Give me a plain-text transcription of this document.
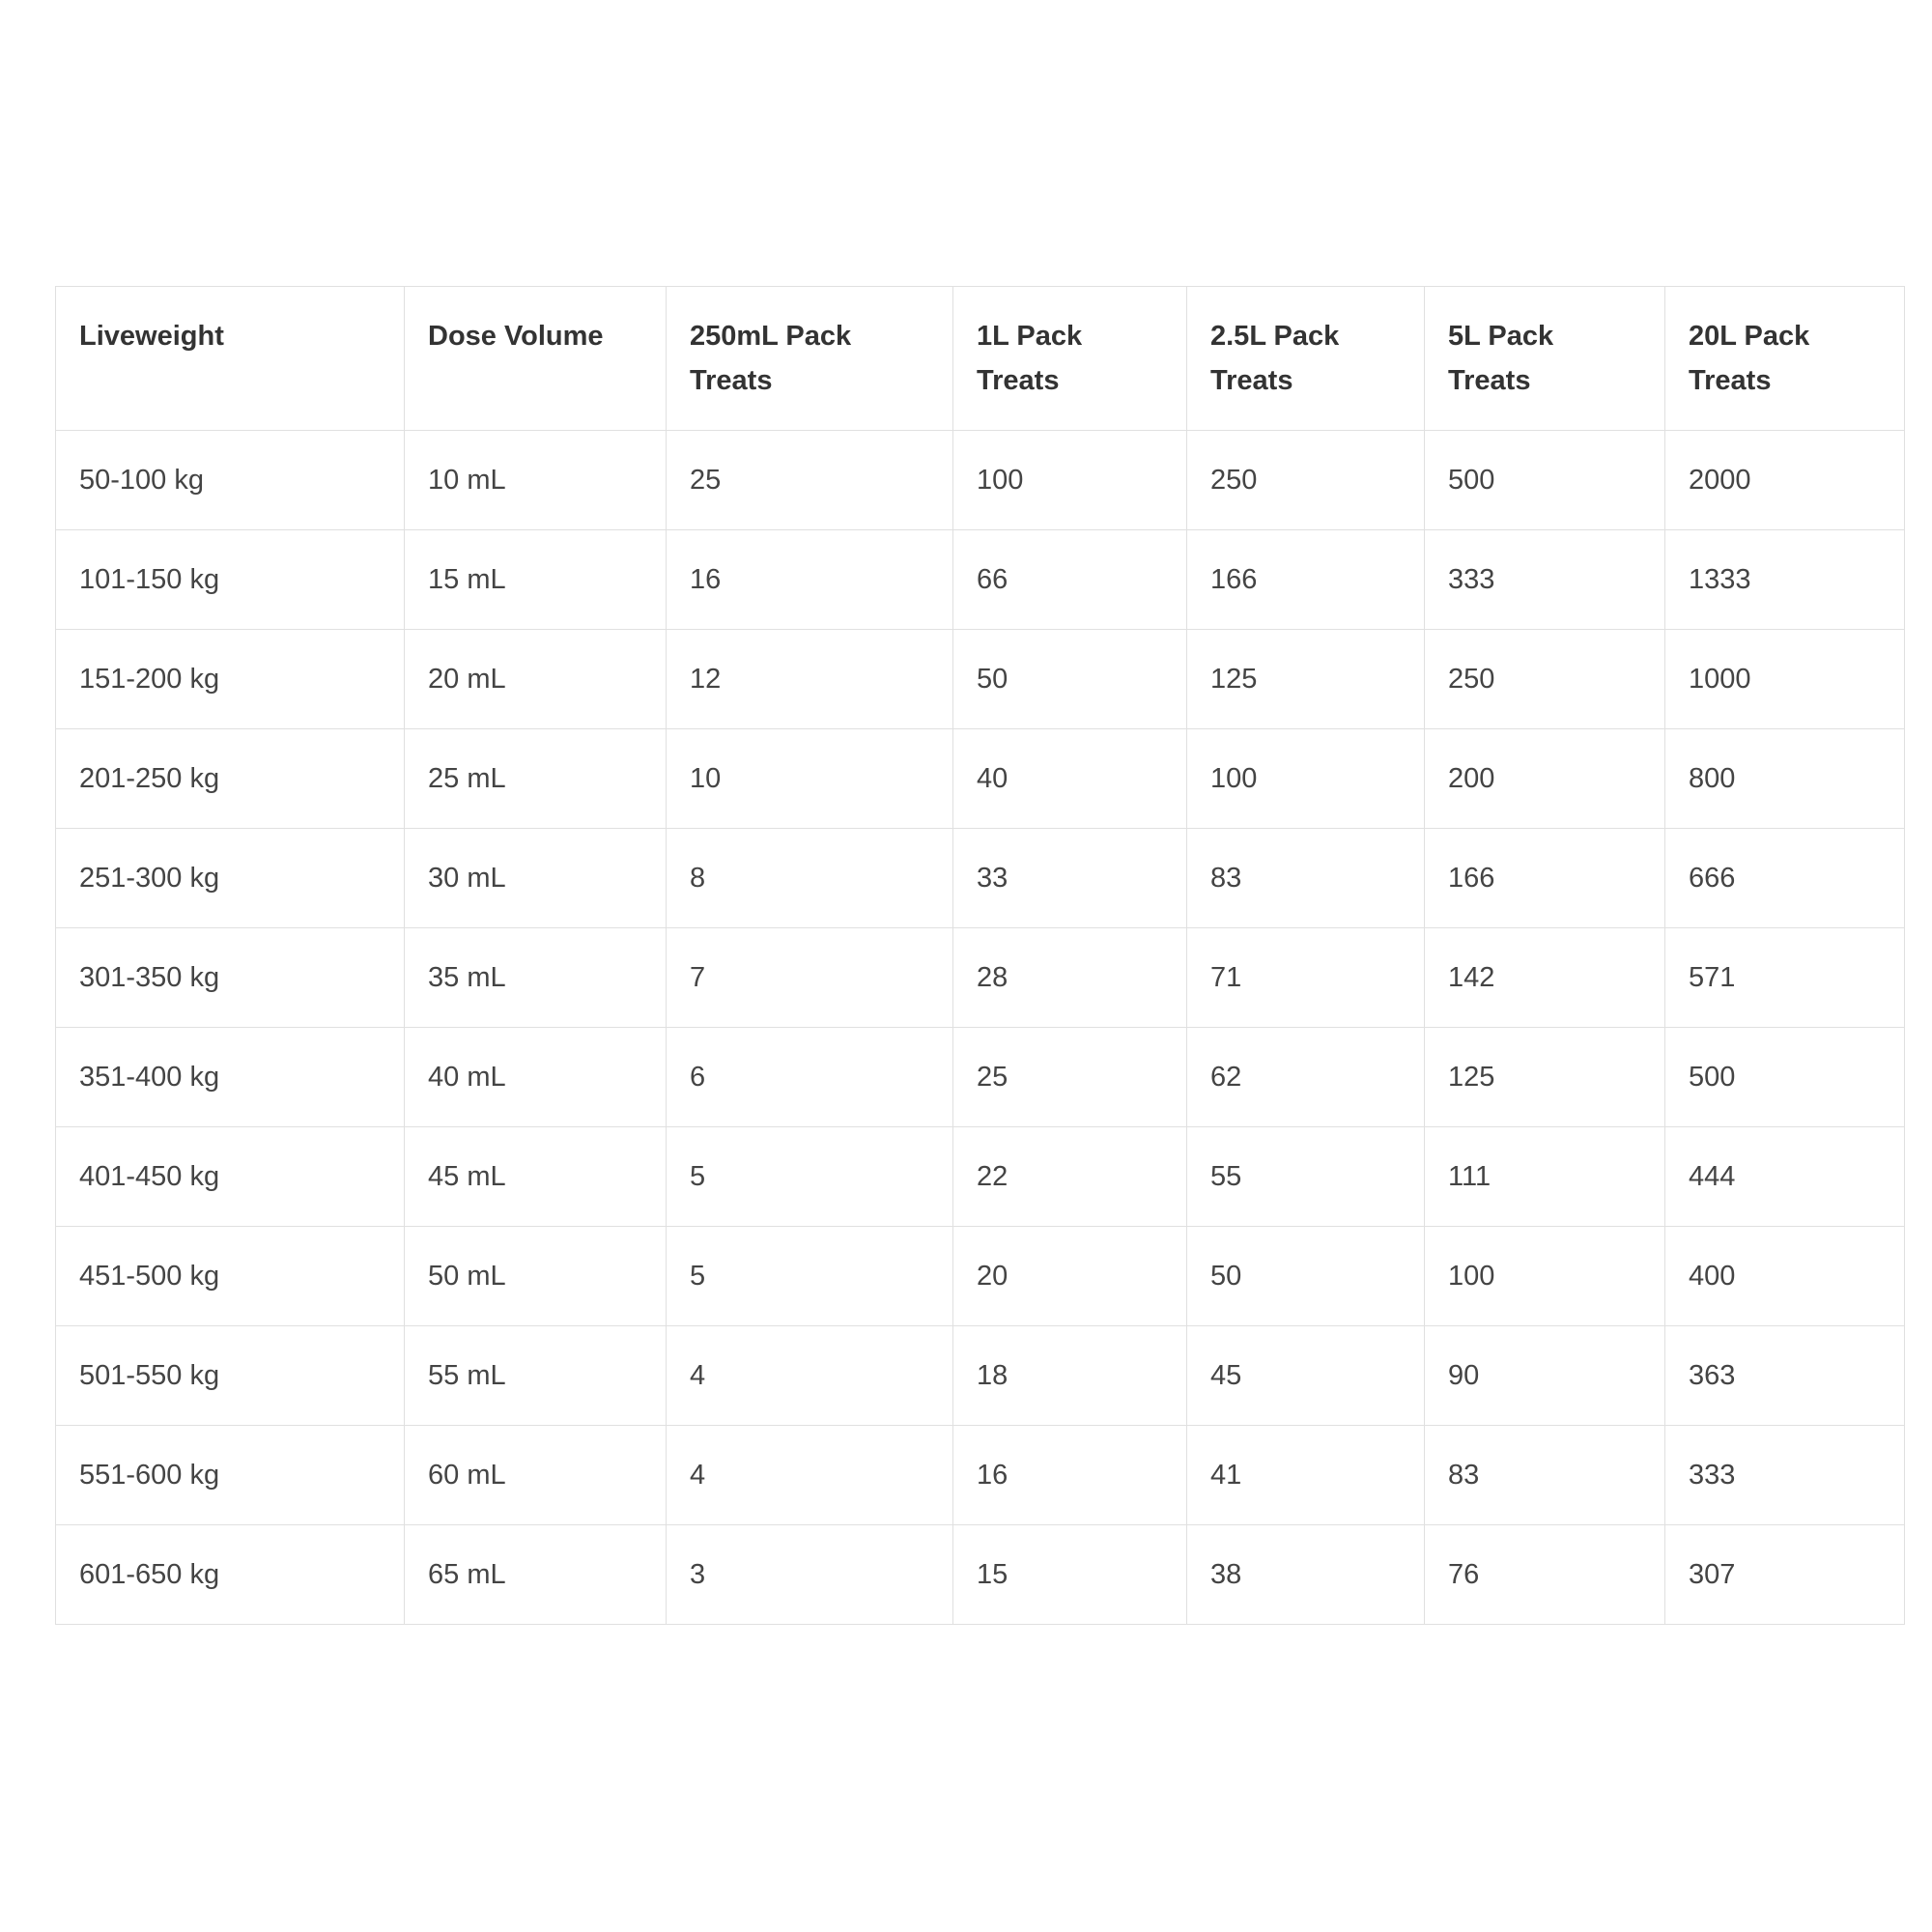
Liveweight	Dose Volume	250mL Pack Treats	1L Pack Treats	2.5L Pack Treats	5L Pack Treats	20L Pack Treats
50-100 kg	10 mL	25	100	250	500	2000
101-150 kg	15 mL	16	66	166	333	1333
151-200 kg	20 mL	12	50	125	250	1000
201-250 kg	25 mL	10	40	100	200	800
251-300 kg	30 mL	8	33	83	166	666
301-350 kg	35 mL	7	28	71	142	571
351-400 kg	40 mL	6	25	62	125	500
401-450 kg	45 mL	5	22	55	111	444
451-500 kg	50 mL	5	20	50	100	400
501-550 kg	55 mL	4	18	45	90	363
551-600 kg	60 mL	4	16	41	83	333
601-650 kg	65 mL	3	15	38	76	307
